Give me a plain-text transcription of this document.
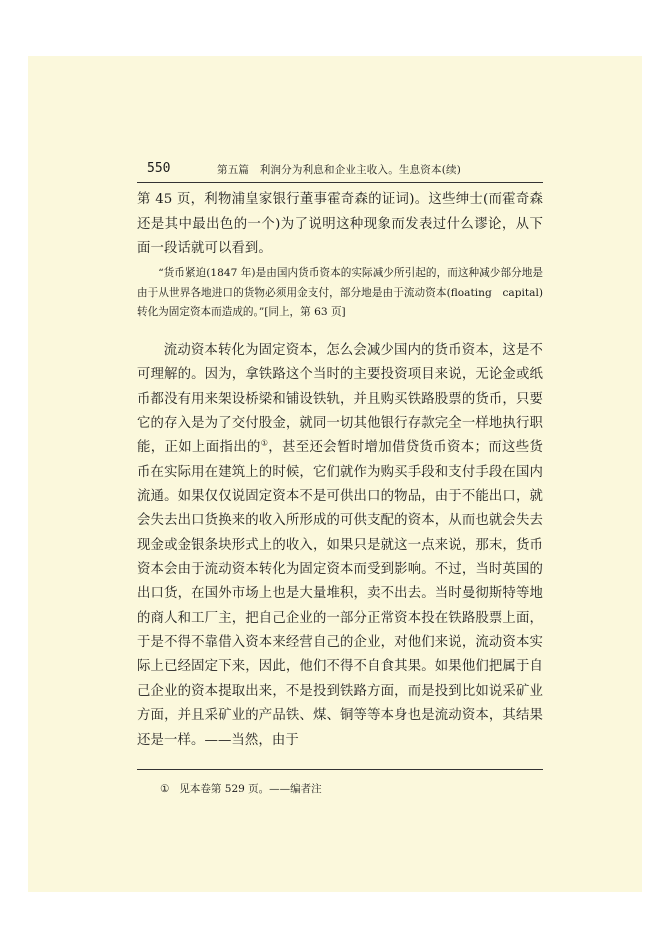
550	第五篇　利润分为利息和企业主收入。生息资本(续)

第 45 页，利物浦皇家银行董事霍奇森的证词)。这些绅士(而霍奇森还是其中最出色的一个)为了说明这种现象而发表过什么谬论，从下面一段话就可以看到。

“货币紧迫(1847 年)是由国内货币资本的实际减少所引起的，而这种减少部分地是由于从世界各地进口的货物必须用金支付，部分地是由于流动资本(floating　capital)转化为固定资本而造成的。”[同上，第 63 页]

流动资本转化为固定资本，怎么会减少国内的货币资本，这是不可理解的。因为，拿铁路这个当时的主要投资项目来说，无论金或纸币都没有用来架设桥梁和铺设铁轨，并且购买铁路股票的货币，只要它的存入是为了交付股金，就同一切其他银行存款完全一样地执行职能，正如上面指出的①，甚至还会暂时增加借贷货币资本；而这些货币在实际用在建筑上的时候，它们就作为购买手段和支付手段在国内流通。如果仅仅说固定资本不是可供出口的物品，由于不能出口，就会失去出口货换来的收入所形成的可供支配的资本，从而也就会失去现金或金银条块形式上的收入，如果只是就这一点来说，那末，货币资本会由于流动资本转化为固定资本而受到影响。不过，当时英国的出口货，在国外市场上也是大量堆积，卖不出去。当时曼彻斯特等地的商人和工厂主，把自己企业的一部分正常资本投在铁路股票上面，于是不得不靠借入资本来经营自己的企业，对他们来说，流动资本实际上已经固定下来，因此，他们不得不自食其果。如果他们把属于自己企业的资本提取出来，不是投到铁路方面，而是投到比如说采矿业方面，并且采矿业的产品铁、煤、铜等等本身也是流动资本，其结果还是一样。——当然，由于

① 见本卷第 529 页。——编者注
